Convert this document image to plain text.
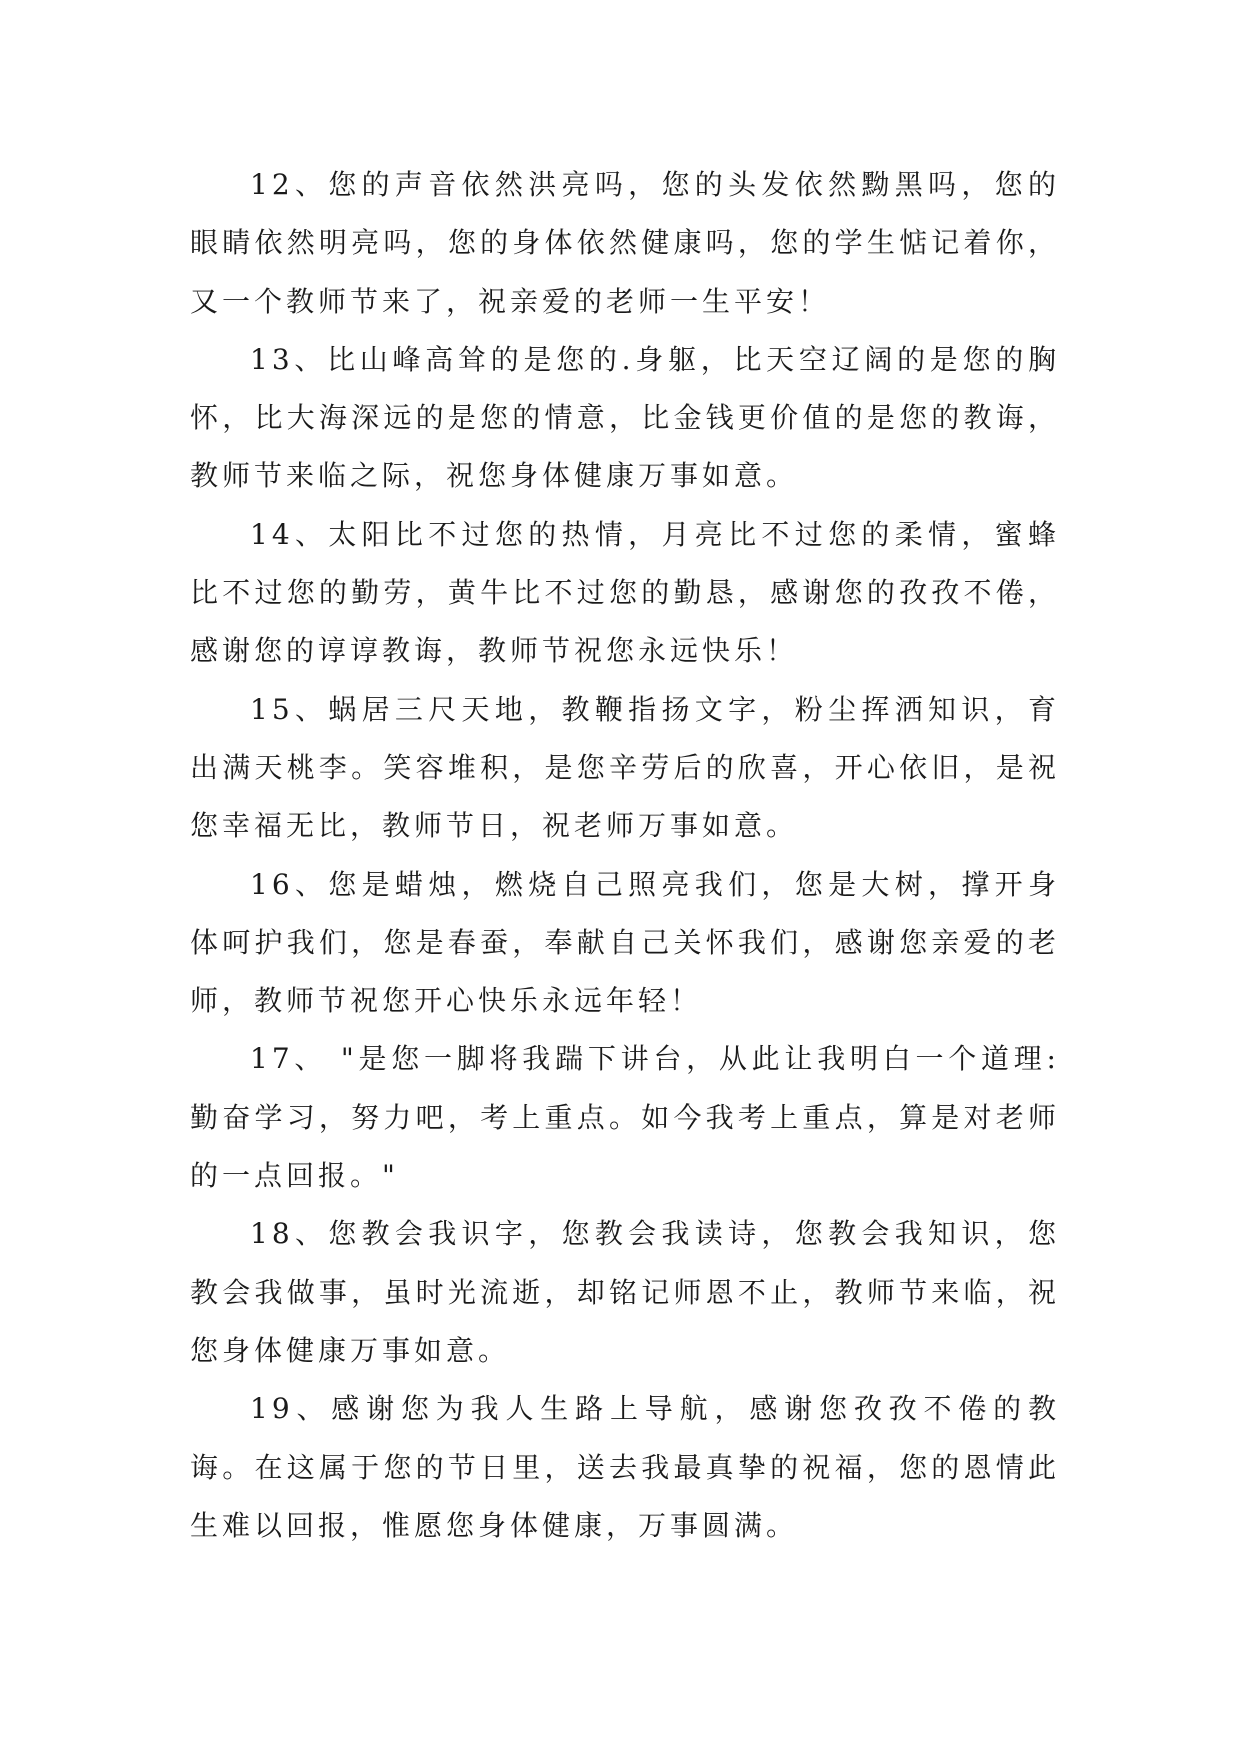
12、您的声音依然洪亮吗，您的头发依然黝黑吗，您的眼睛依然明亮吗，您的身体依然健康吗，您的学生惦记着你，又一个教师节来了，祝亲爱的老师一生平安！

13、比山峰高耸的是您的.身躯，比天空辽阔的是您的胸怀，比大海深远的是您的情意，比金钱更价值的是您的教诲，教师节来临之际，祝您身体健康万事如意。

14、太阳比不过您的热情，月亮比不过您的柔情，蜜蜂比不过您的勤劳，黄牛比不过您的勤恳，感谢您的孜孜不倦，感谢您的谆谆教诲，教师节祝您永远快乐！

15、蜗居三尺天地，教鞭指扬文字，粉尘挥洒知识，育出满天桃李。笑容堆积，是您辛劳后的欣喜，开心依旧，是祝您幸福无比，教师节日，祝老师万事如意。

16、您是蜡烛，燃烧自己照亮我们，您是大树，撑开身体呵护我们，您是春蚕，奉献自己关怀我们，感谢您亲爱的老师，教师节祝您开心快乐永远年轻！

17、 "是您一脚将我踹下讲台，从此让我明白一个道理:勤奋学习，努力吧，考上重点。如今我考上重点，算是对老师的一点回报。"

18、您教会我识字，您教会我读诗，您教会我知识，您教会我做事，虽时光流逝，却铭记师恩不止，教师节来临，祝您身体健康万事如意。

19、感谢您为我人生路上导航，感谢您孜孜不倦的教诲。在这属于您的节日里，送去我最真挚的祝福，您的恩情此生难以回报，惟愿您身体健康，万事圆满。
